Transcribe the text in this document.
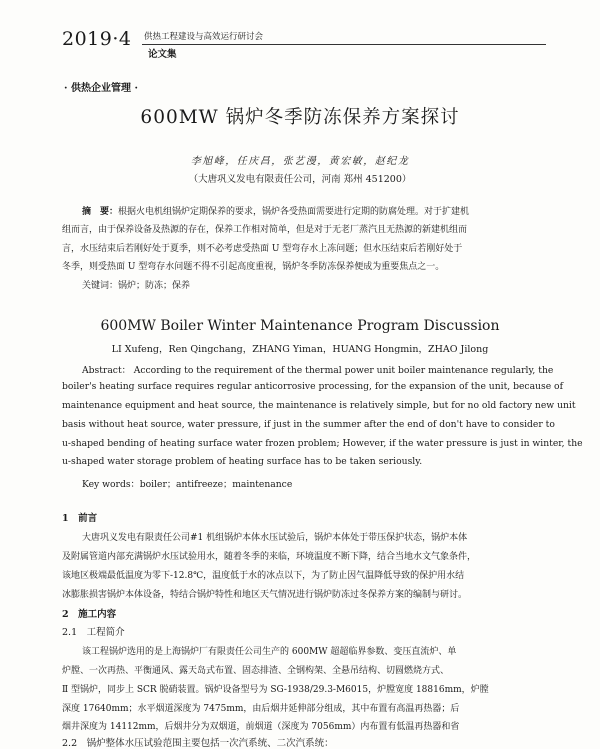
2019·4 供热工程建设与高效运行研讨会
论文集
· 供热企业管理 ·
600MW 锅炉冬季防冻保养方案探讨
李旭峰，任庆昌，张艺漫，黄宏敏，赵纪龙
（大唐巩义发电有限责任公司，河南 郑州 451200）
摘　要：根据火电机组锅炉定期保养的要求，锅炉各受热面需要进行定期的防腐处理。对于扩建机
组而言，由于保养设备及热源的存在，保养工作相对简单，但是对于无老厂蒸汽且无热源的新建机组而
言，水压结束后若刚好处于夏季，则不必考虑受热面 U 型弯存水上冻问题；但水压结束后若刚好处于
冬季，则受热面 U 型弯存水问题不得不引起高度重视，锅炉冬季防冻保养便成为重要焦点之一。
关键词：锅炉；防冻；保养
600MW Boiler Winter Maintenance Program Discussion
LI Xufeng，Ren Qingchang，ZHANG Yiman，HUANG Hongmin，ZHAO Jilong
Abstract： According to the requirement of the thermal power unit boiler maintenance regularly, the
boiler's heating surface requires regular anticorrosive processing, for the expansion of the unit, because of
maintenance equipment and heat source, the maintenance is relatively simple, but for no old factory new unit
basis without heat source, water pressure, if just in the summer after the end of don't have to consider to
u-shaped bending of heating surface water frozen problem; However, if the water pressure is just in winter, the
u-shaped water storage problem of heating surface has to be taken seriously.
Key words：boiler；antifreeze；maintenance
1　前言
大唐巩义发电有限责任公司#1 机组锅炉本体水压试验后，锅炉本体处于带压保护状态，锅炉本体
及附属管道内部充满锅炉水压试验用水，随着冬季的来临，环境温度不断下降，结合当地水文气象条件，
该地区极端最低温度为零下-12.8℃，温度低于水的冰点以下，为了防止因气温降低导致的保护用水结
冰膨胀损害锅炉本体设备，特结合锅炉特性和地区天气情况进行锅炉防冻过冬保养方案的编制与研讨。
2　施工内容
2.1　工程简介
该工程锅炉选用的是上海锅炉厂有限责任公司生产的 600MW 超超临界参数、变压直流炉、单
炉膛、一次再热、平衡通风、露天岛式布置、固态排渣、全钢构架、全悬吊结构、切圆燃烧方式、
Ⅱ 型锅炉，同步上 SCR 脱硝装置。锅炉设备型号为 SG-1938/29.3-M6015，炉膛宽度 18816mm，炉膛
深度 17640mm；水平烟道深度为 7475mm，由后烟井延伸部分组成，其中布置有高温再热器；后
烟井深度为 14112mm，后烟井分为双烟道，前烟道（深度为 7056mm）内布置有低温再热器和省
2.2　锅炉整体水压试验范围主要包括一次汽系统、二次汽系统：
